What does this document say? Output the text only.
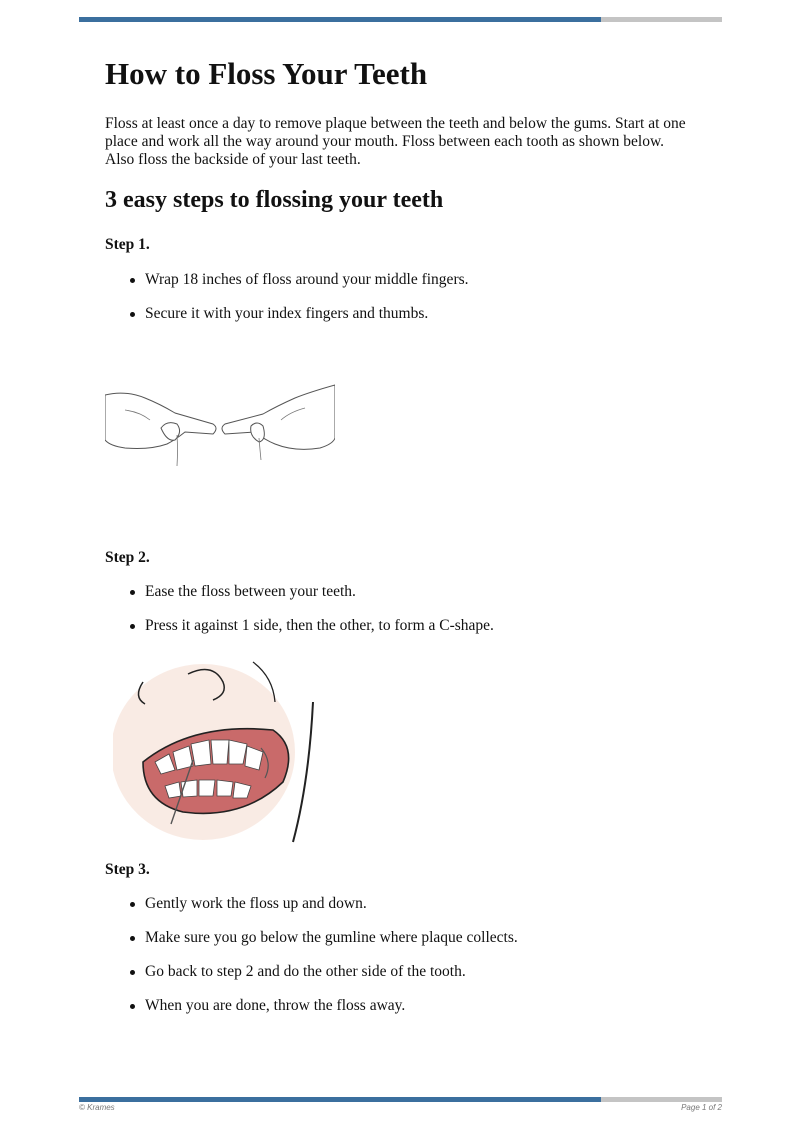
How to Floss Your Teeth

Floss at least once a day to remove plaque between the teeth and below the gums. Start at one place and work all the way around your mouth. Floss between each tooth as shown below. Also floss the backside of your last teeth.

3 easy steps to flossing your teeth

Step 1.

Wrap 18 inches of floss around your middle fingers.
Secure it with your index fingers and thumbs.

Step 2.

Ease the floss between your teeth.
Press it against 1 side, then the other, to form a C-shape.

Step 3.

Gently work the floss up and down.
Make sure you go below the gumline where plaque collects.
Go back to step 2 and do the other side of the tooth.
When you are done, throw the floss away.
© Krames	Page 1 of 2
